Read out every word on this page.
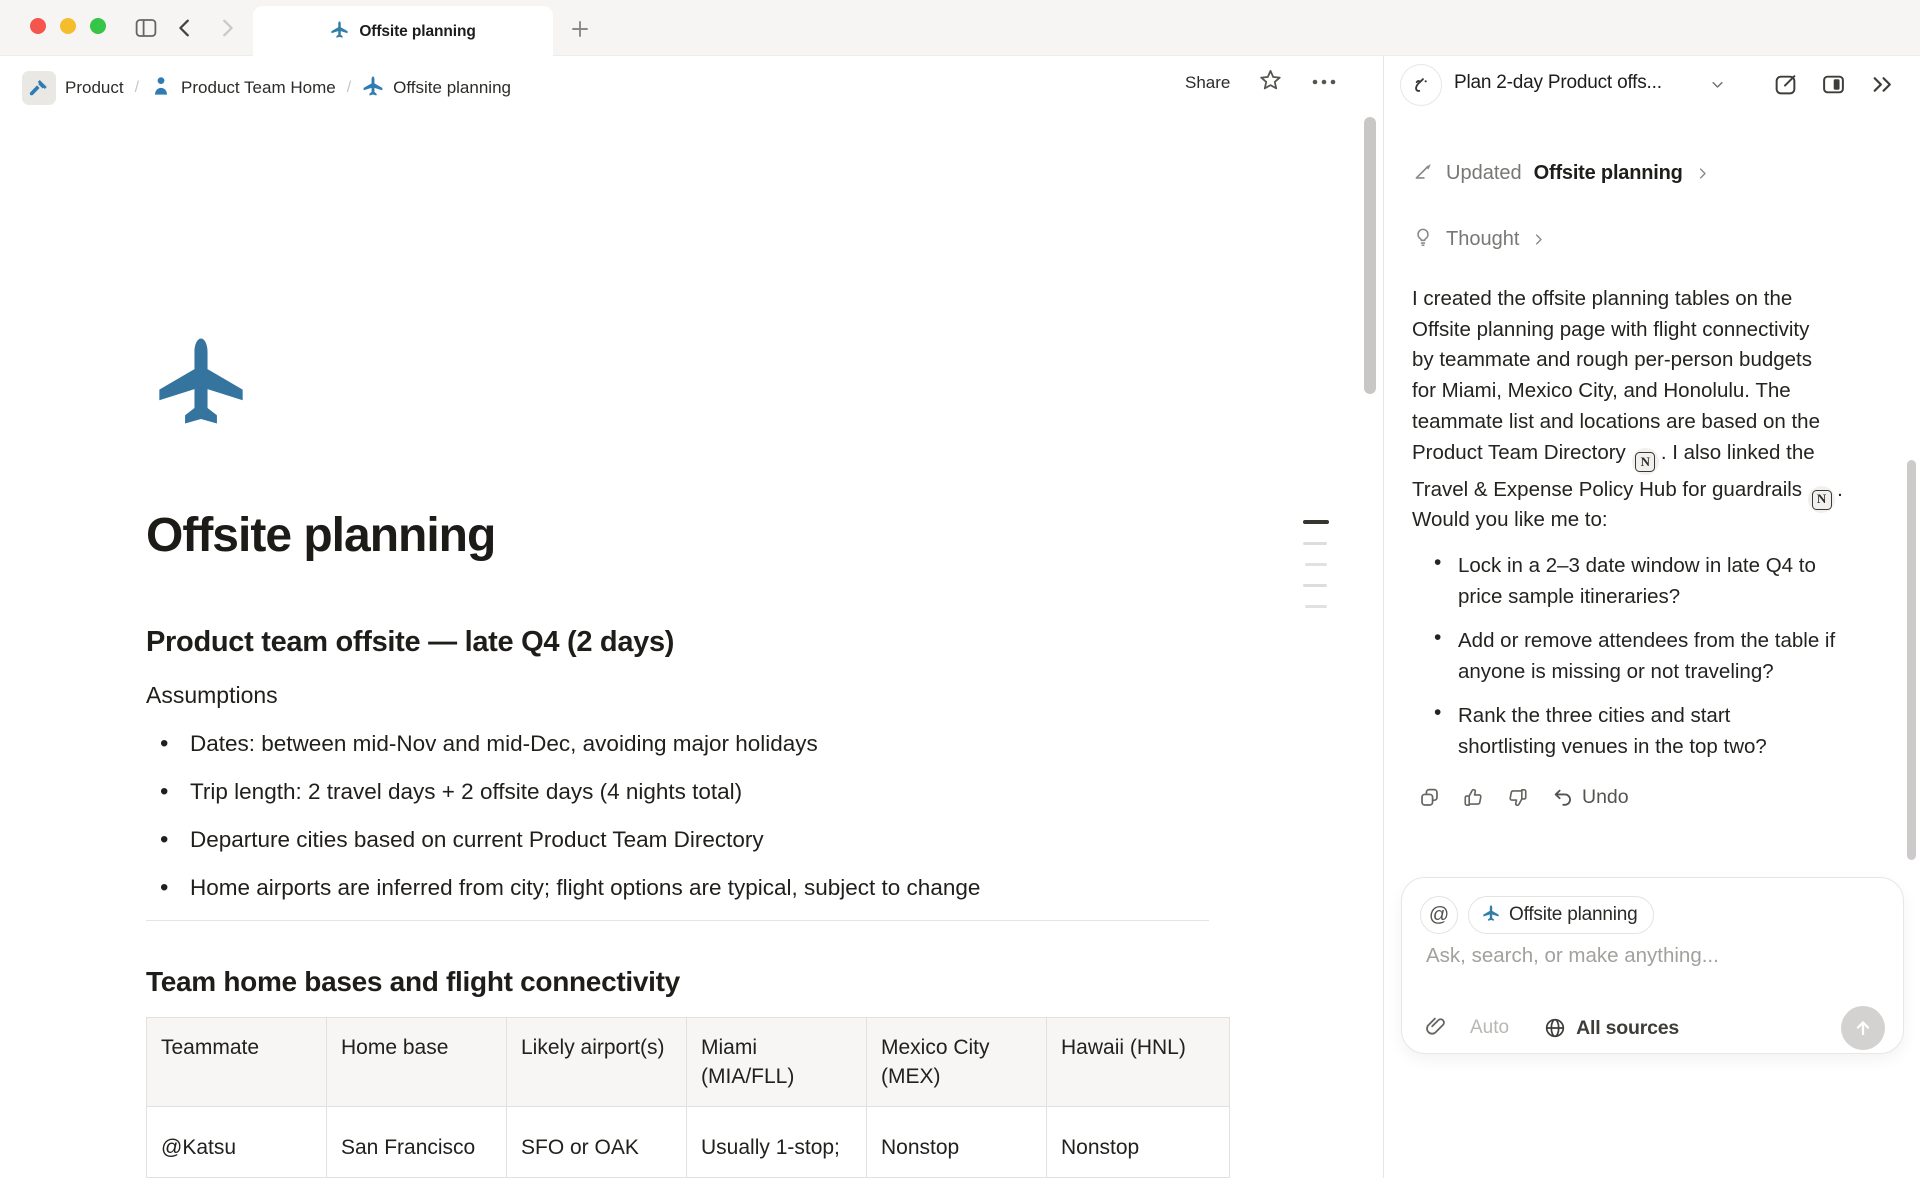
Offsite planning
Product / Product Team Home / Offsite planning	Share
Offsite planning
Product team offsite — late Q4 (2 days)
Assumptions
• Dates: between mid-Nov and mid-Dec, avoiding major holidays
• Trip length: 2 travel days + 2 offsite days (4 nights total)
• Departure cities based on current Product Team Directory
• Home airports are inferred from city; flight options are typical, subject to change
Team home bases and flight connectivity
Teammate	Home base	Likely airport(s)	Miami (MIA/FLL)	Mexico City (MEX)	Hawaii (HNL)
@Katsu	San Francisco	SFO or OAK	Usually 1-stop;	Nonstop	Nonstop
Plan 2-day Product offs...
Updated Offsite planning
Thought
I created the offsite planning tables on the
Offsite planning page with flight connectivity
by teammate and rough per-person budgets
for Miami, Mexico City, and Honolulu. The
teammate list and locations are based on the
Product Team Directory	N . I also linked the
Travel & Expense Policy Hub for guardrails	N .
Would you like me to:
• Lock in a 2–3 date window in late Q4 to
price sample itineraries?
• Add or remove attendees from the table if
anyone is missing or not traveling?
• Rank the three cities and start
shortlisting venues in the top two?
Undo
@	Offsite planning
Ask, search, or make anything...
Auto	All sources
